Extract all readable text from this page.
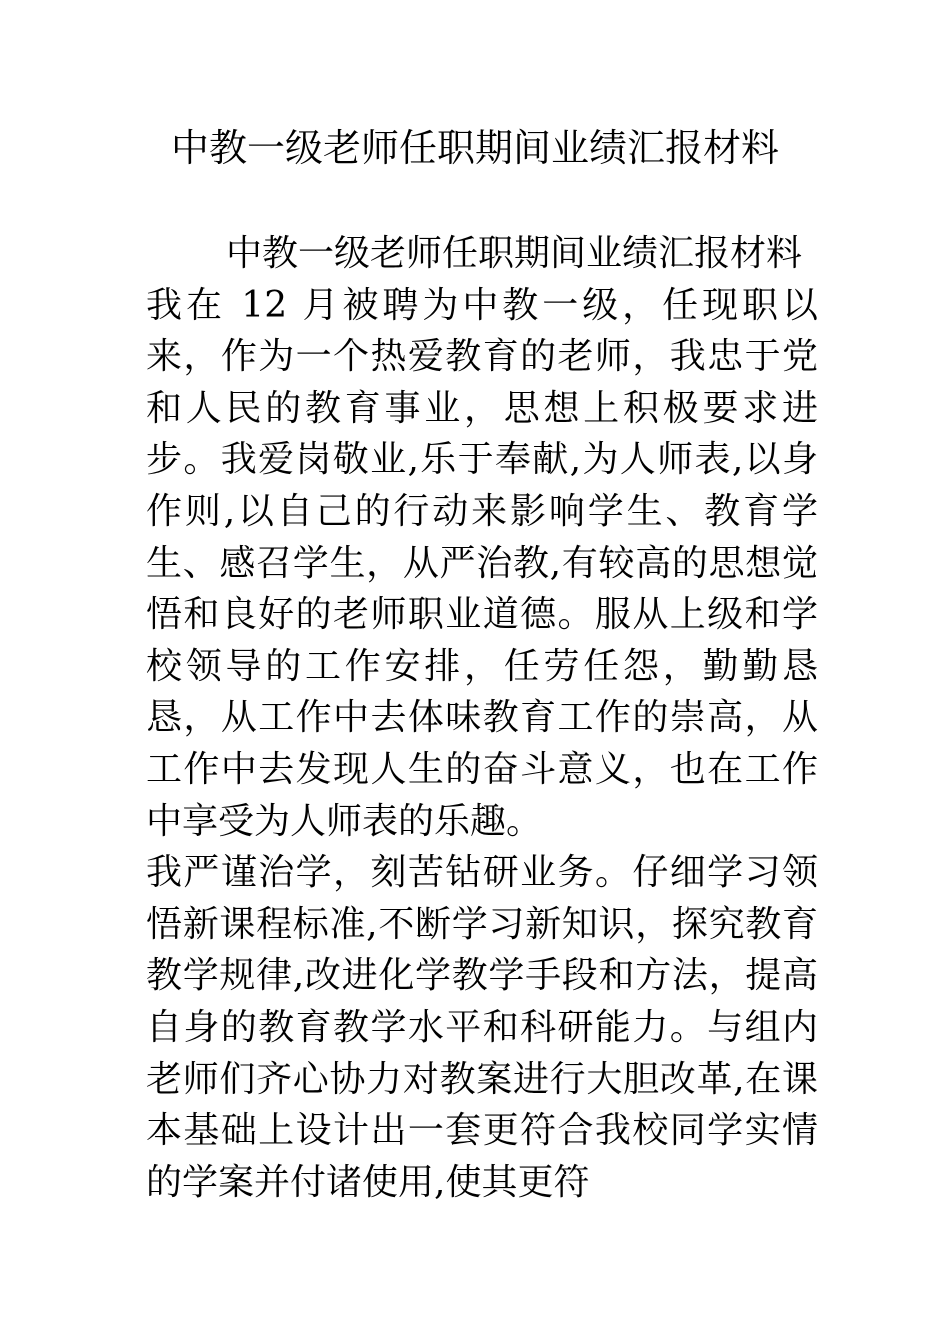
中教一级老师任职期间业绩汇报材料

中教一级老师任职期间业绩汇报材料

我在 12 月被聘为中教一级，任现职以来，作为一个热爱教育的老师，我忠于党和人民的教育事业，思想上积极要求进步。我爱岗敬业,乐于奉献,为人师表,以身作则,以自己的行动来影响学生、教育学生、感召学生，从严治教,有较高的思想觉悟和良好的老师职业道德。服从上级和学校领导的工作安排，任劳任怨，勤勤恳恳，从工作中去体味教育工作的崇高，从工作中去发现人生的奋斗意义，也在工作中享受为人师表的乐趣。

我严谨治学，刻苦钻研业务。仔细学习领悟新课程标准,不断学习新知识，探究教育教学规律,改进化学教学手段和方法，提高自身的教育教学水平和科研能力。与组内老师们齐心协力对教案进行大胆改革,在课本基础上设计出一套更符合我校同学实情的学案并付诸使用,使其更符
